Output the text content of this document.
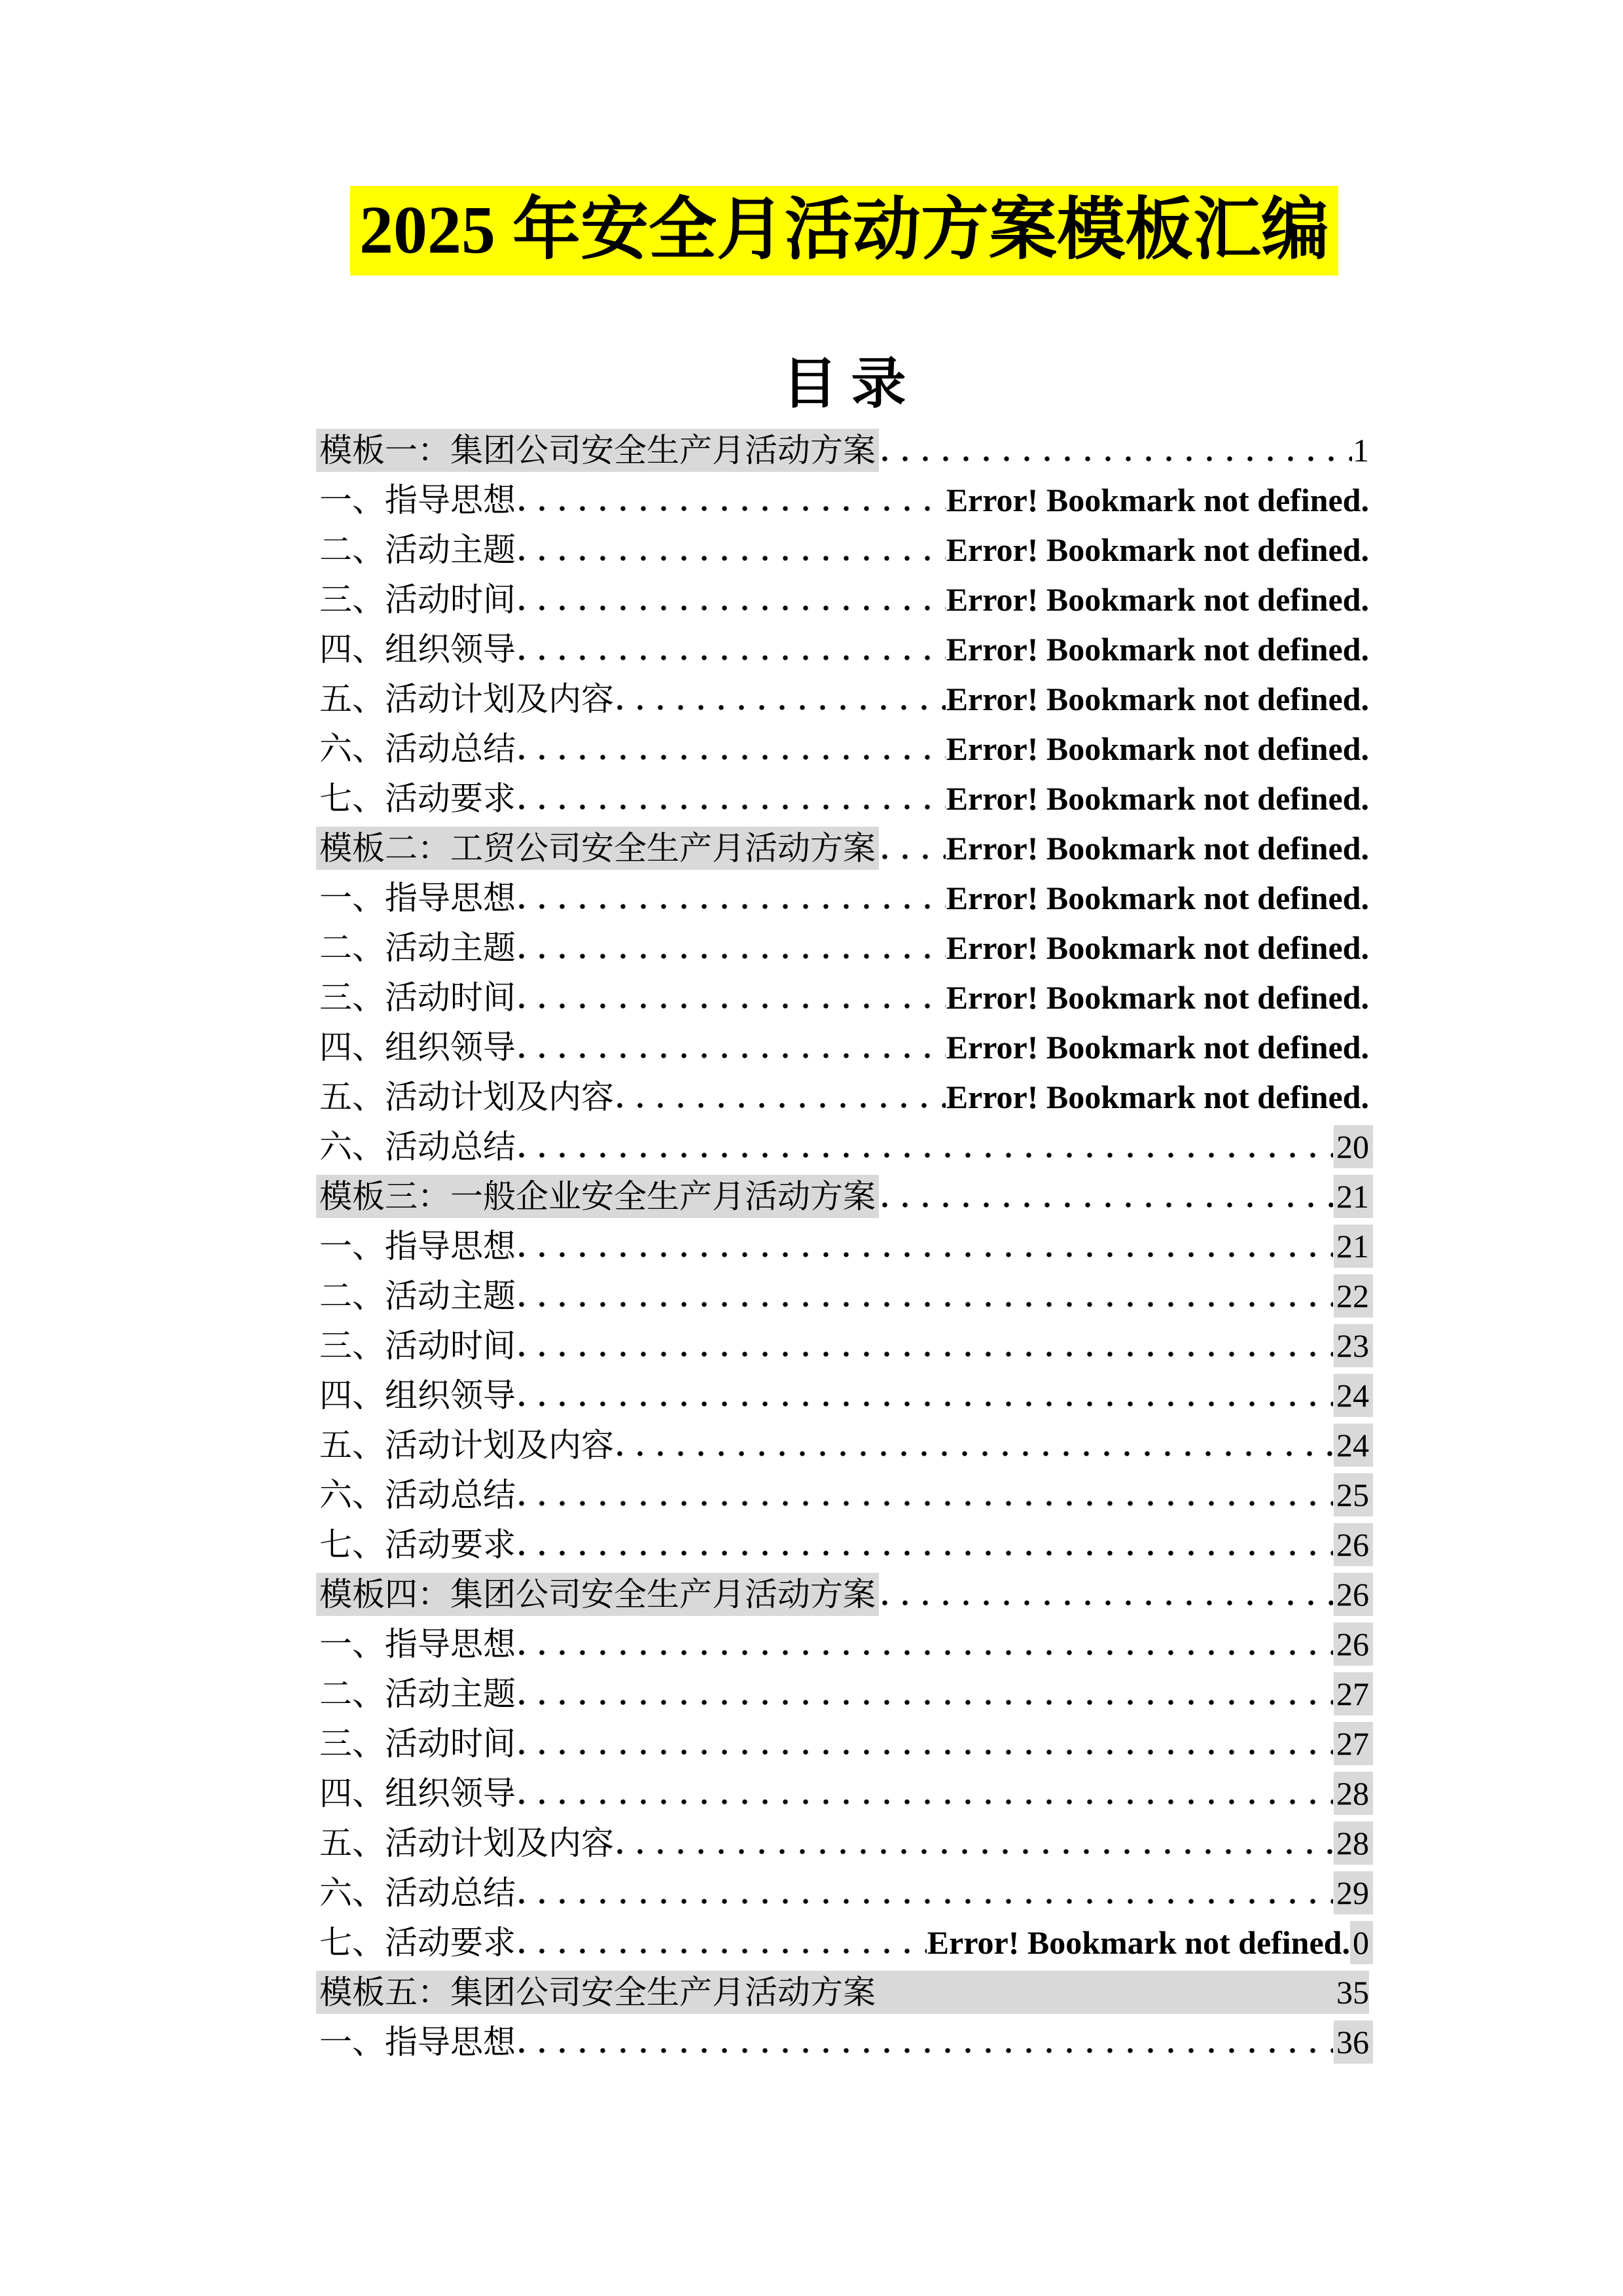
2025 年安全月活动方案模板汇编
目 录
模板一：集团公司安全生产月活动方案	1
一、指导思想	Error! Bookmark not defined.
二、活动主题	Error! Bookmark not defined.
三、活动时间	Error! Bookmark not defined.
四、组织领导	Error! Bookmark not defined.
五、活动计划及内容	Error! Bookmark not defined.
六、活动总结	Error! Bookmark not defined.
七、活动要求	Error! Bookmark not defined.
模板二：工贸公司安全生产月活动方案 Error! Bookmark not defined.
一、指导思想	Error! Bookmark not defined.
二、活动主题	Error! Bookmark not defined.
三、活动时间	Error! Bookmark not defined.
四、组织领导	Error! Bookmark not defined.
五、活动计划及内容	Error! Bookmark not defined.
六、活动总结	20
模板三：一般企业安全生产月活动方案	21
一、指导思想	21
二、活动主题	22
三、活动时间	23
四、组织领导	24
五、活动计划及内容	24
六、活动总结	25
七、活动要求	26
模板四：集团公司安全生产月活动方案	26
一、指导思想	26
二、活动主题	27
三、活动时间	27
四、组织领导	28
五、活动计划及内容	28
六、活动总结	29
七、活动要求	Error! Bookmark not defined. 0
模板五：集团公司安全生产月活动方案	35
一、指导思想	36
